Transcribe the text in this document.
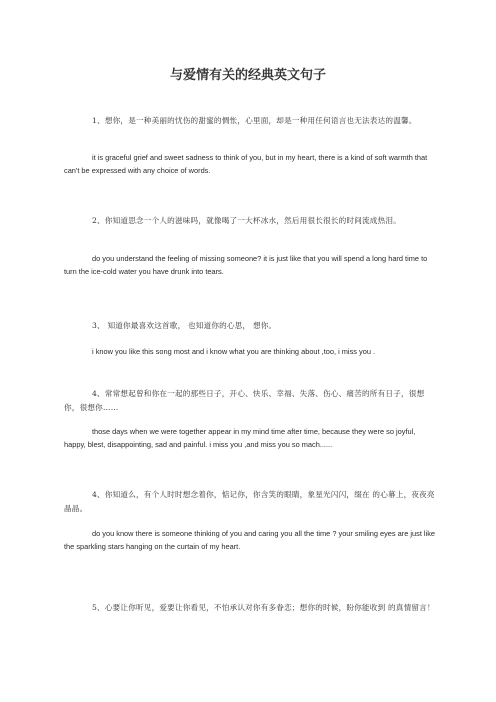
与爱情有关的经典英文句子

1、想你，是一种美丽的忧伤的甜蜜的惆怅，心里面，却是一种用任何语言也无法表达的温馨。

it is graceful grief and sweet sadness to think of you, but in my heart, there is a kind of soft warmth that can't be expressed with any choice of words.

2、你知道思念一个人的滋味吗，就像喝了一大杯冰水，然后用很长很长的时间流成热泪。

do you understand the feeling of missing someone? it is just like that you will spend a long hard time to turn the ice-cold water you have drunk into tears.

3、 知道你最喜欢这首歌， 也知道你的心思， 想你。

i know you like this song most and i know what you are thinking about ,too, i miss you .

4、常常想起曾和你在一起的那些日子，开心、快乐、幸福、失落、伤心、痛苦的所有日子，很想你，很想你……

those days when we were together appear in my mind time after time, because they were so joyful, happy, blest, disappointing, sad and painful. i miss you ,and miss you so mach......

4、你知道么，有个人时时想念着你，惦记你，你含笑的眼睛，象星光闪闪，缀在 的心幕上，夜夜亮晶晶。

do you know there is someone thinking of you and caring you all the time ? your smiling eyes are just like the sparkling stars hanging on the curtain of my heart.

5、心要让你听见，爱要让你看见，不怕承认对你有多眷恋；想你的时候，盼你能收到 的真情留言！
